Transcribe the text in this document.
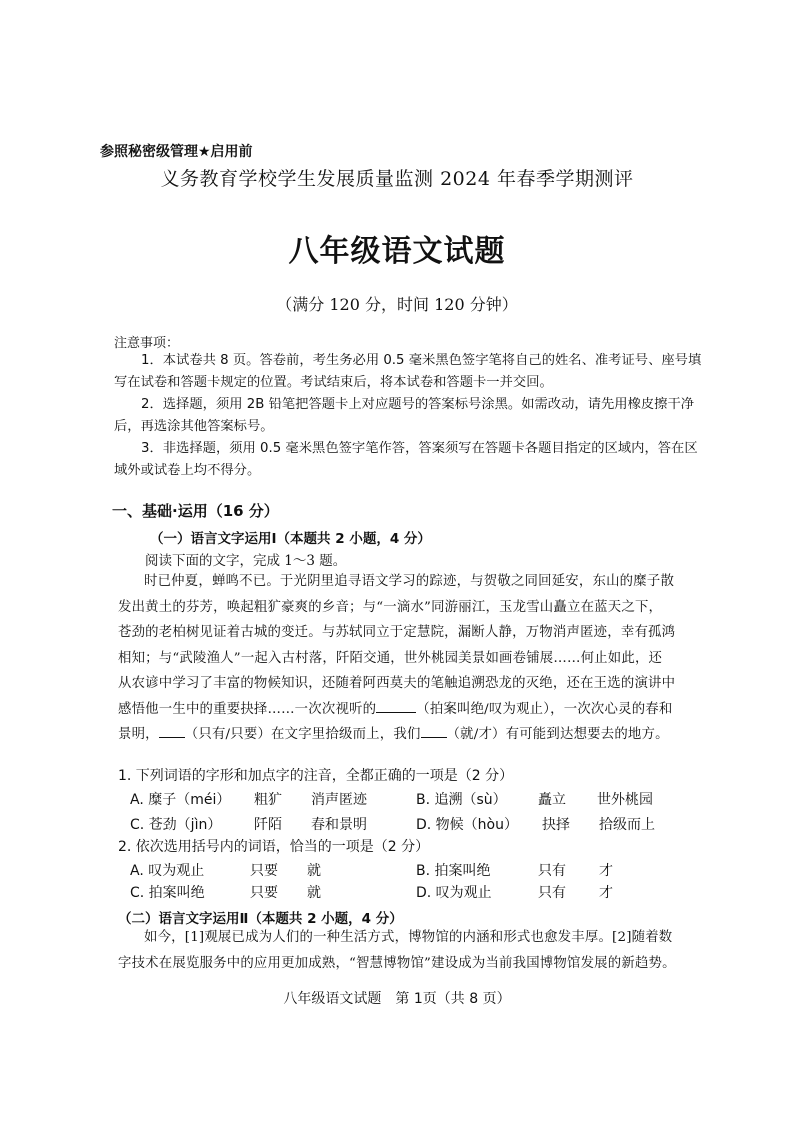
参照秘密级管理★启用前
义务教育学校学生发展质量监测 2024 年春季学期测评
八年级语文试题
（满分 120 分，时间 120 分钟）
注意事项：
1．本试卷共 8 页。答卷前，考生务必用 0.5 毫米黑色签字笔将自己的姓名、准考证号、座号填写在试卷和答题卡规定的位置。考试结束后，将本试卷和答题卡一并交回。
2．选择题，须用 2B 铅笔把答题卡上对应题号的答案标号涂黑。如需改动，请先用橡皮擦干净后，再选涂其他答案标号。
3．非选择题，须用 0.5 毫米黑色签字笔作答，答案须写在答题卡各题目指定的区域内，答在区域外或试卷上均不得分。
一、基础·运用（16 分）
（一）语言文字运用Ⅰ（本题共 2 小题，4 分）
阅读下面的文字，完成 1～3 题。
时已仲夏，蝉鸣不已。于光阴里追寻语文学习的踪迹，与贺敬之同回延安，东山的糜子散
发出黄土的芬芳，唤起粗犷豪爽的乡音；与“一滴水”同游丽江，玉龙雪山矗立在蓝天之下，
苍劲的老柏树见证着古城的变迁。与苏轼同立于定慧院，漏断人静，万物消声匿迹，幸有孤鸿
相知；与“武陵渔人”一起入古村落，阡陌交通，世外桃园美景如画卷铺展……何止如此，还
从农谚中学习了丰富的物候知识，还随着阿西莫夫的笔触追溯恐龙的灭绝，还在王选的演讲中
感悟他一生中的重要抉择……一次次视听的	（拍案叫绝/叹为观止），一次次心灵的春和
景明， （只有/只要）在文字里拾级而上，我们 （就/才）有可能到达想要去的地方。
1. 下列词语的字形和加点字的注音，全都正确的一项是（2 分）
A. 糜子（méi） 粗犷 消声匿迹	B. 追溯（sù） 矗立 世外桃园
C. 苍劲（jìn） 阡陌 春和景明	D. 物候（hòu） 抉择 拾级而上
2. 依次选用括号内的词语，恰当的一项是（2 分）
A. 叹为观止	只要 就	B. 拍案叫绝	只有 才
C. 拍案叫绝	只要 就	D. 叹为观止	只有 才
（二）语言文字运用Ⅱ（本题共 2 小题，4 分）
如今，[1]观展已成为人们的一种生活方式，博物馆的内涵和形式也愈发丰厚。[2]随着数
字技术在展览服务中的应用更加成熟，“智慧博物馆”建设成为当前我国博物馆发展的新趋势。
八年级语文试题　第 1页（共 8 页）
